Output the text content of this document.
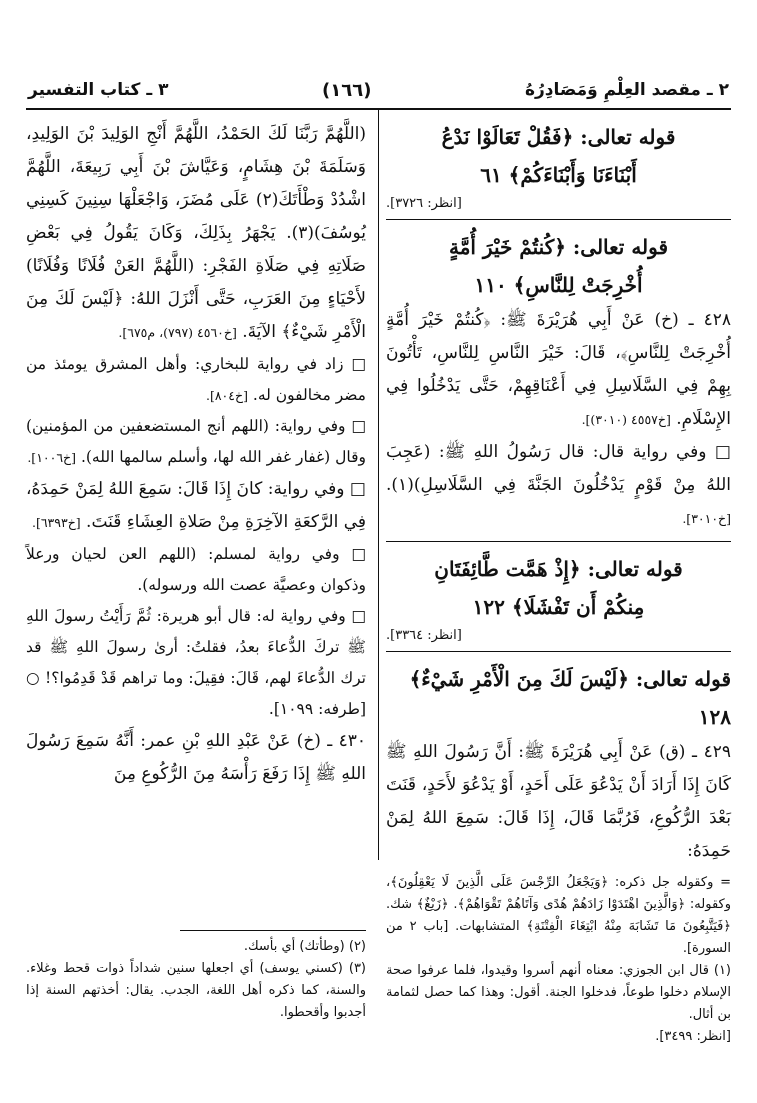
٢ ـ مقصد العِلْمِ وَمَصَادِرُهُ
(١٦٦)
٣ ـ كتاب التفسير
قوله تعالى: ﴿فَقُلْ تَعَالَوْا نَدْعُ
أَبْنَاءَنَا وَأَبْنَاءَكُمْ﴾ ٦١
[انظر: ٣٧٢٦].
قوله تعالى: ﴿كُنتُمْ خَيْرَ أُمَّةٍ
أُخْرِجَتْ لِلنَّاسِ﴾ ١١٠
٤٢٨ ـ (خ) عَنْ أَبِي هُرَيْرَةَ ﷺ: ﴿كُنتُمْ خَيْرَ أُمَّةٍ أُخْرِجَتْ لِلنَّاسِ﴾، قَالَ: خَيْرَ النَّاسِ لِلنَّاسِ، تَأْتُونَ بِهِمْ فِي السَّلَاسِلِ فِي أَعْنَاقِهِمْ، حَتَّى يَدْخُلُوا فِي الإِسْلَامِ. [خ٤٥٥٧ (٣٠١٠)].
□ وفي رواية قال: قال رَسُولُ اللهِ ﷺ: (عَجِبَ اللهُ مِنْ قَوْمٍ يَدْخُلُونَ الجَنَّةَ فِي السَّلَاسِلِ)(١). [خ٣٠١٠].
قوله تعالى: ﴿إِذْ هَمَّت طَّائِفَتَانِ
مِنكُمْ أَن تَفْشَلَا﴾ ١٢٢
[انظر: ٣٣٦٤].
قوله تعالى: ﴿لَيْسَ لَكَ مِنَ الْأَمْرِ شَيْءٌ﴾ ١٢٨
٤٢٩ ـ (ق) عَنْ أَبِي هُرَيْرَةَ ﷺ: أَنَّ رَسُولَ اللهِ ﷺ كَانَ إِذَا أَرَادَ أَنْ يَدْعُوَ عَلَى أَحَدٍ، أَوْ يَدْعُوَ لأَحَدٍ، قَنَتَ بَعْدَ الرُّكُوعِ، فَرُبَّمَا قَالَ، إِذَا قَالَ: سَمِعَ اللهُ لِمَنْ حَمِدَهُ:
(اللَّهُمَّ رَبَّنَا لَكَ الحَمْدُ، اللَّهُمَّ أَنْجِ الوَلِيدَ بْنَ الوَلِيدِ، وَسَلَمَةَ بْنَ هِشَامٍ، وَعَيَّاشَ بْنَ أَبِي رَبِيعَةَ، اللَّهُمَّ اشْدُدْ وَطْأَتَكَ(٢) عَلَى مُضَرَ، وَاجْعَلْهَا سِنِينَ كَسِنِي يُوسُفَ)(٣). يَجْهَرُ بِذَلِكَ، وَكَانَ يَقُولُ فِي بَعْضِ صَلَاتِهِ فِي صَلَاةِ الفَجْرِ: (اللَّهُمَّ العَنْ فُلَانًا وَفُلَانًا) لأَحْيَاءٍ مِنَ العَرَبِ، حَتَّى أَنْزَلَ اللهُ: ﴿لَيْسَ لَكَ مِنَ الْأَمْرِ شَيْءٌ﴾ الآيَةَ. [خ٤٥٦٠ (٧٩٧)، م٦٧٥].
□ زاد في رواية للبخاري: وأهل المشرق يومئذ من مضر مخالفون له. [خ٨٠٤].
□ وفي رواية: (اللهم أنج المستضعفين من المؤمنين) وقال (غفار غفر الله لها، وأسلم سالمها الله). [خ١٠٠٦].
□ وفي رواية: كانَ إِذَا قَالَ: سَمِعَ اللهُ لِمَنْ حَمِدَهُ، فِي الرَّكعَةِ الآخِرَةِ مِنْ صَلاةِ العِشَاءِ قَنَتَ. [خ٦٣٩٣].
□ وفي رواية لمسلم: (اللهم العن لحيان ورعلاً وذكوان وعصيَّة عصت الله ورسوله).
□ وفي رواية له: قال أبو هريرة: ثُمَّ رَأَيْتُ رسولَ اللهِ ﷺ تركَ الدُّعاءَ بعدُ، فقلتُ: أرىٰ رسولَ اللهِ ﷺ قد ترك الدُّعاءَ لهم، قَالَ: فقِيلَ: وما تراهم قَدْ قَدِمُوا؟! ○ [طرفه: ١٠٩٩].
٤٣٠ ـ (خ) عَنْ عَبْدِ اللهِ بْنِ عمر: أَنَّهُ سَمِعَ رَسُولَ اللهِ ﷺ إِذَا رَفَعَ رَأْسَهُ مِنَ الرُّكُوعِ مِنَ
(٢) (وطأتك) أي بأسك.
(٣) (كسني يوسف) أي اجعلها سنين شداداً ذوات قحط وغلاء. والسنة، كما ذكره أهل اللغة، الجدب. يقال: أخذتهم السنة إذا أجدبوا وأقحطوا.
= وكقوله جل ذكره: ﴿وَيَجْعَلُ الرِّجْسَ عَلَى الَّذِينَ لَا يَعْقِلُونَ﴾، وكقوله: ﴿وَالَّذِينَ اهْتَدَوْا زَادَهُمْ هُدًى وَآتَاهُمْ تَقْوَاهُمْ﴾. ﴿زَيْغٌ﴾ شك. ﴿فَيَتَّبِعُونَ مَا تَشَابَهَ مِنْهُ ابْتِغَاءَ الْفِتْنَةِ﴾ المتشابهات. [باب ٢ من السورة].
(١) قال ابن الجوزي: معناه أنهم أسروا وقيدوا، فلما عرفوا صحة الإسلام دخلوا طوعاً، فدخلوا الجنة. أقول: وهذا كما حصل لثمامة بن أثال.
[انظر: ٣٤٩٩].
